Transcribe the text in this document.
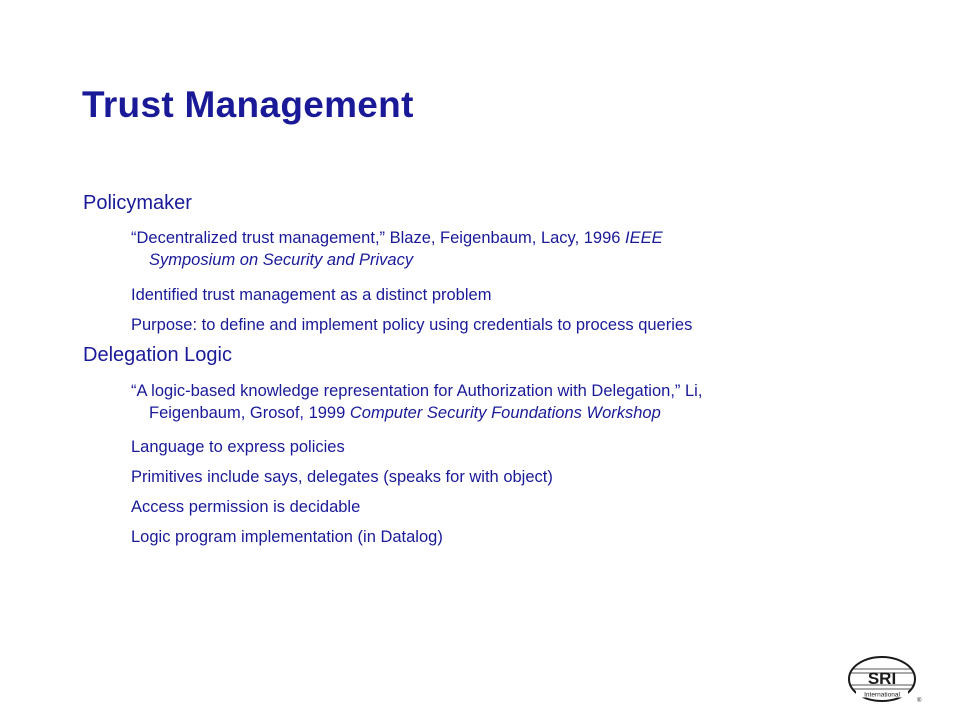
Trust Management
Policymaker
“Decentralized trust management,” Blaze, Feigenbaum, Lacy, 1996 IEEE
Symposium on Security and Privacy
Identified trust management as a distinct problem
Purpose: to define and implement policy using credentials to process queries
Delegation Logic
“A logic-based knowledge representation for Authorization with Delegation,” Li,
Feigenbaum, Grosof, 1999 Computer Security Foundations Workshop
Language to express policies
Primitives include says, delegates (speaks for with object)
Access permission is decidable
Logic program implementation (in Datalog)
SRI
International
®
